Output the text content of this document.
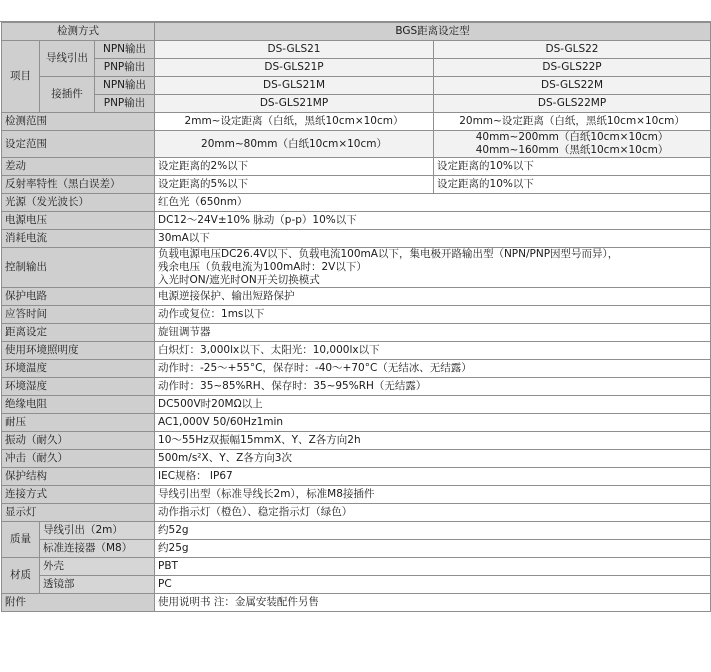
检测方式			BGS距离设定型	
项目	导线引出	NPN输出	DS-GLS21	DS-GLS22
		PNP输出	DS-GLS21P	DS-GLS22P
	接插件	NPN输出	DS-GLS21M	DS-GLS22M
		PNP输出	DS-GLS21MP	DS-GLS22MP
检测范围			2mm~设定距离（白纸，黑纸10cm×10cm）	20mm~设定距离（白纸，黑纸10cm×10cm）
设定范围			20mm~80mm（白纸10cm×10cm）	40mm~200mm（白纸10cm×10cm）
40mm~160mm（黑纸10cm×10cm）

差动			设定距离的2%以下	设定距离的10%以下
反射率特性（黑白误差）			设定距离的5%以下	设定距离的10%以下
光源（发光波长）			红色光（650nm）	
电源电压			DC12～24V±10% 脉动（p-p）10%以下	
消耗电流			30mA以下	
控制输出			负载电源电压DC26.4V以下、负载电流100mA以下，集电极开路输出型（NPN/PNP因型号而异），
残余电压（负载电流为100mA时：2V以下）
入光时ON/遮光时ON开关切换模式	

保护电路			电源逆接保护、输出短路保护	
应答时间			动作或复位：1ms以下	
距离设定			旋钮调节器	
使用环境照明度			白炽灯：3,000lx以下、太阳光：10,000lx以下	
环境温度			动作时：-25～+55°C，保存时：-40～+70°C（无结冰、无结露）	
环境湿度			动作时：35~85%RH、保存时：35~95%RH（无结露）	
绝缘电阻			DC500V时20MΩ以上	
耐压			AC1,000V 50/60Hz1min	
振动（耐久）			10～55Hz双振幅15mmX、Y、Z各方向2h	
冲击（耐久）			500m/s²X、Y、Z各方向3次	
保护结构			IEC规格： IP67	
连接方式			导线引出型（标准导线长2m），标准M8接插件	
显示灯			动作指示灯（橙色）、稳定指示灯（绿色）	
质量	导线引出（2m）		约52g	
	标准连接器（M8）		约25g	
材质	外壳		PBT	
	透镜部		PC	
附件			使用说明书 注：金属安装配件另售	
